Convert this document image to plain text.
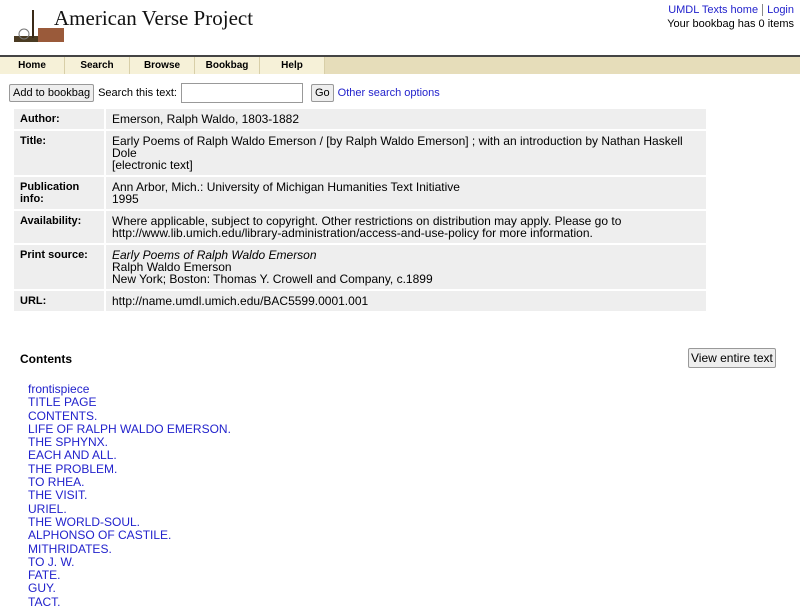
American Verse Project	UMDL Texts home Login
Your bookbag has 0 items
Home	Search	Browse	Bookbag	Help
Add to bookbag Search this text:	Go Other search options
Author:	Emerson, Ralph Waldo, 1803-1882

Title:	Early Poems of Ralph Waldo Emerson / [by Ralph Waldo Emerson] ; with an introduction by Nathan Haskell Dole
[electronic text]

Publication info:	Ann Arbor, Mich.: University of Michigan Humanities Text Initiative
1995

Availability:	Where applicable, subject to copyright. Other restrictions on distribution may apply. Please go to
http://www.lib.umich.edu/library-administration/access-and-use-policy for more information.

Print source:	Early Poems of Ralph Waldo Emerson
Ralph Waldo Emerson
New York; Boston: Thomas Y. Crowell and Company, c.1899

URL:	http://name.umdl.umich.edu/BAC5599.0001.001
Contents	View entire text
frontispiece
TITLE PAGE
CONTENTS.
LIFE OF RALPH WALDO EMERSON.
THE SPHYNX.
EACH AND ALL.
THE PROBLEM.
TO RHEA.
THE VISIT.
URIEL.
THE WORLD-SOUL.
ALPHONSO OF CASTILE.
MITHRIDATES.
TO J. W.
FATE.
GUY.
TACT.
